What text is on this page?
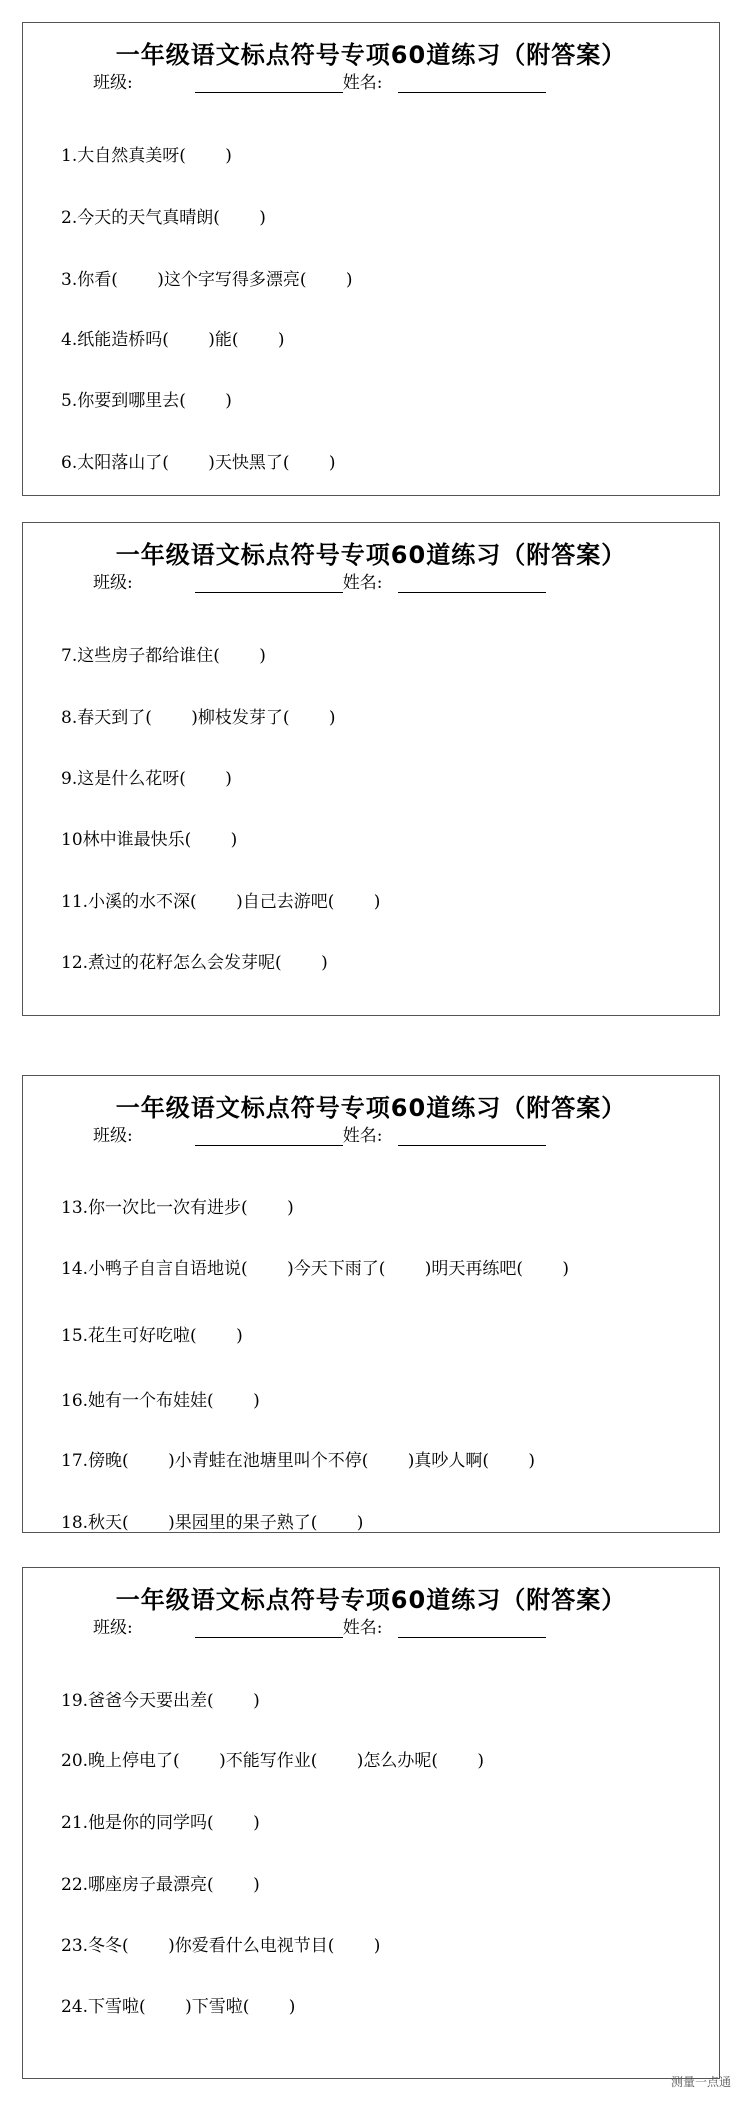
一年级语文标点符号专项60道练习（附答案）
班级:	姓名:
1.大自然真美呀(　　 )
2.今天的天气真晴朗(　　 )
3.你看(　　 )这个字写得多漂亮(　　 )
4.纸能造桥吗(　　 )能(　　 )
5.你要到哪里去(　　 )
6.太阳落山了(　　 )天快黑了(　　 )
一年级语文标点符号专项60道练习（附答案）
班级:	姓名:
7.这些房子都给谁住(　　 )
8.春天到了(　　 )柳枝发芽了(　　 )
9.这是什么花呀(　　 )
10林中谁最快乐(　　 )
11.小溪的水不深(　　 )自己去游吧(　　 )
12.煮过的花籽怎么会发芽呢(　　 )
一年级语文标点符号专项60道练习（附答案）
班级:	姓名:
13.你一次比一次有进步(　　 )
14.小鸭子自言自语地说(　　 )今天下雨了(　　 )明天再练吧(　　 )
15.花生可好吃啦(　　 )
16.她有一个布娃娃(　　 )
17.傍晚(　　 )小青蛙在池塘里叫个不停(　　 )真吵人啊(　　 )
18.秋天(　　 )果园里的果子熟了(　　 )
一年级语文标点符号专项60道练习（附答案）
班级:	姓名:
19.爸爸今天要出差(　　 )
20.晚上停电了(　　 )不能写作业(　　 )怎么办呢(　　 )
21.他是你的同学吗(　　 )
22.哪座房子最漂亮(　　 )
23.冬冬(　　 )你爱看什么电视节目(　　 )
24.下雪啦(　　 )下雪啦(　　 )
测量一点通
